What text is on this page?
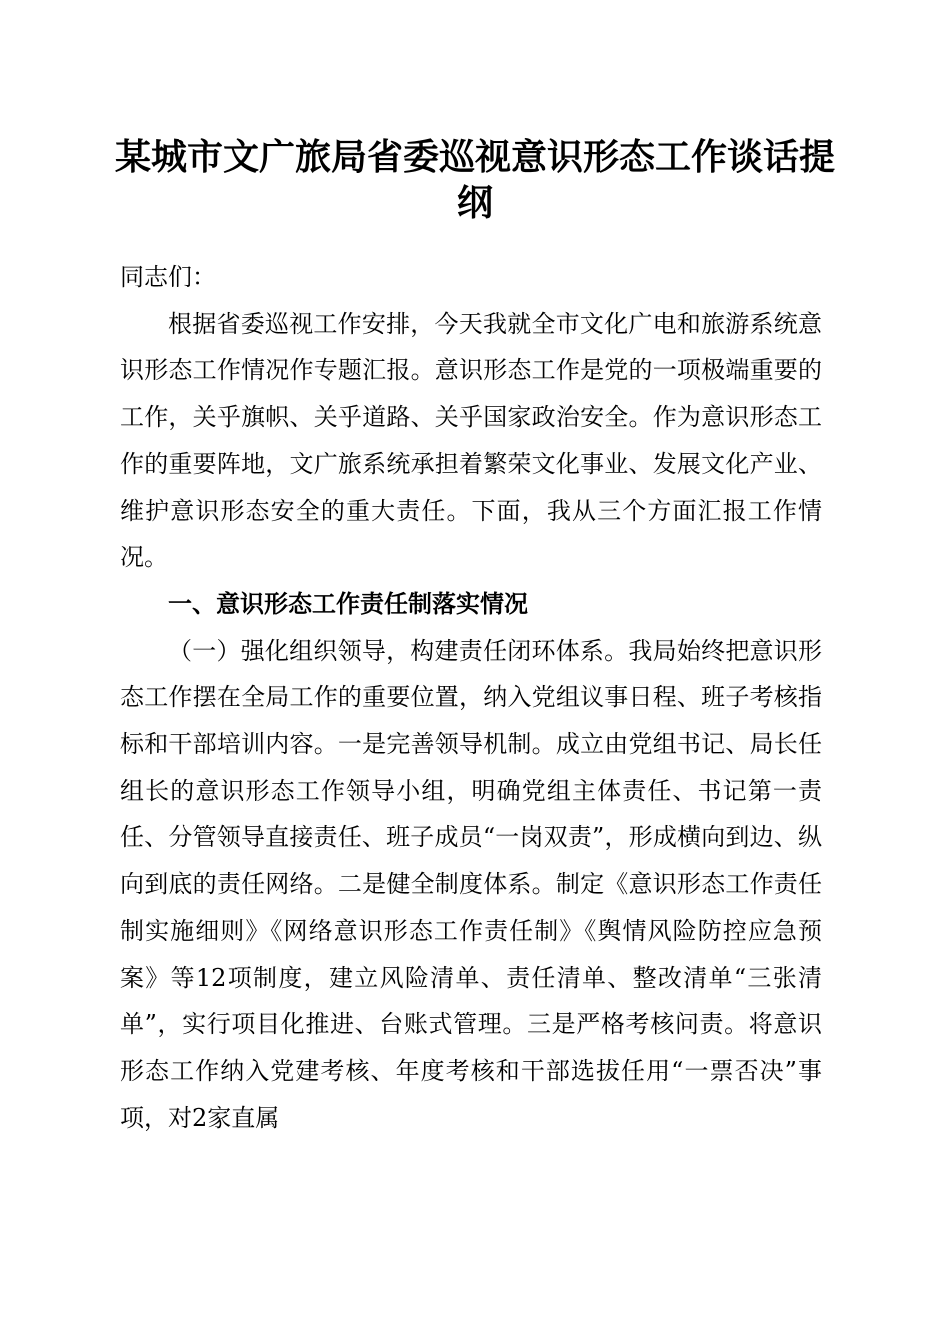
某城市文广旅局省委巡视意识形态工作谈话提纲

同志们：

根据省委巡视工作安排，今天我就全市文化广电和旅游系统意识形态工作情况作专题汇报。意识形态工作是党的一项极端重要的工作，关乎旗帜、关乎道路、关乎国家政治安全。作为意识形态工作的重要阵地，文广旅系统承担着繁荣文化事业、发展文化产业、维护意识形态安全的重大责任。下面，我从三个方面汇报工作情况。

一、意识形态工作责任制落实情况

（一）强化组织领导，构建责任闭环体系。我局始终把意识形态工作摆在全局工作的重要位置，纳入党组议事日程、班子考核指标和干部培训内容。一是完善领导机制。成立由党组书记、局长任组长的意识形态工作领导小组，明确党组主体责任、书记第一责任、分管领导直接责任、班子成员“一岗双责”，形成横向到边、纵向到底的责任网络。二是健全制度体系。制定《意识形态工作责任制实施细则》《网络意识形态工作责任制》《舆情风险防控应急预案》等12项制度，建立风险清单、责任清单、整改清单“三张清单”，实行项目化推进、台账式管理。三是严格考核问责。将意识形态工作纳入党建考核、年度考核和干部选拔任用“一票否决”事项，对2家直属
